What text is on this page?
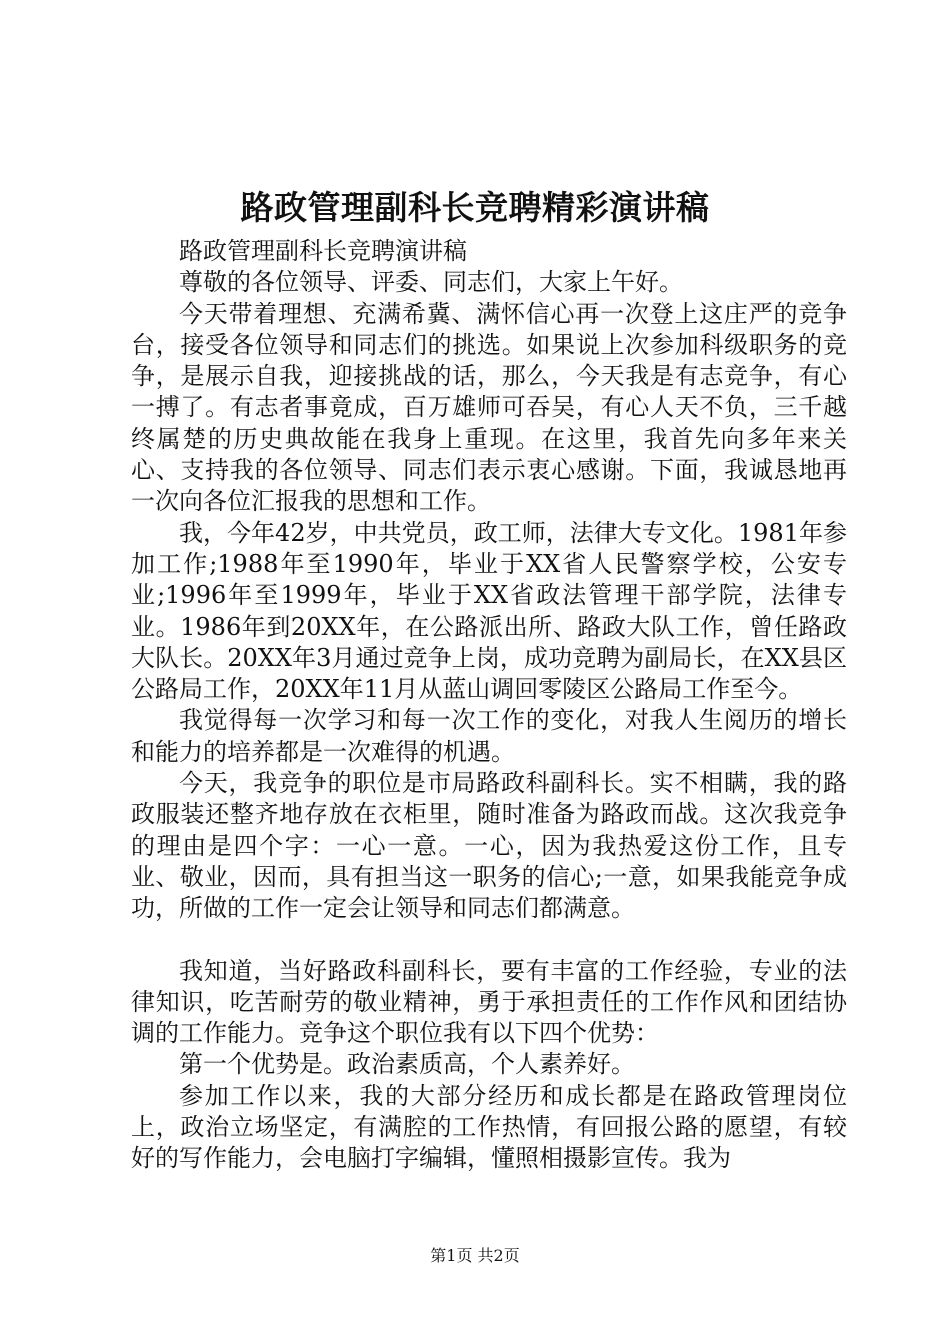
路政管理副科长竞聘精彩演讲稿

路政管理副科长竞聘演讲稿

尊敬的各位领导、评委、同志们，大家上午好。

今天带着理想、充满希冀、满怀信心再一次登上这庄严的竞争台，接受各位领导和同志们的挑选。如果说上次参加科级职务的竞争，是展示自我，迎接挑战的话，那么，今天我是有志竞争，有心一搏了。有志者事竟成，百万雄师可吞吴，有心人天不负，三千越终属楚的历史典故能在我身上重现。在这里，我首先向多年来关心、支持我的各位领导、同志们表示衷心感谢。下面，我诚恳地再一次向各位汇报我的思想和工作。

我，今年42岁，中共党员，政工师，法律大专文化。1981年参加工作;1988年至1990年，毕业于XX省人民警察学校，公安专业;1996年至1999年，毕业于XX省政法管理干部学院，法律专业。1986年到20XX年，在公路派出所、路政大队工作，曾任路政大队长。20XX年3月通过竞争上岗，成功竞聘为副局长，在XX县区公路局工作，20XX年11月从蓝山调回零陵区公路局工作至今。

我觉得每一次学习和每一次工作的变化，对我人生阅历的增长和能力的培养都是一次难得的机遇。

今天，我竞争的职位是市局路政科副科长。实不相瞒，我的路政服装还整齐地存放在衣柜里，随时准备为路政而战。这次我竞争的理由是四个字：一心一意。一心，因为我热爱这份工作，且专业、敬业，因而，具有担当这一职务的信心;一意，如果我能竞争成功，所做的工作一定会让领导和同志们都满意。

我知道，当好路政科副科长，要有丰富的工作经验，专业的法律知识，吃苦耐劳的敬业精神，勇于承担责任的工作作风和团结协调的工作能力。竞争这个职位我有以下四个优势：

第一个优势是。政治素质高，个人素养好。

参加工作以来，我的大部分经历和成长都是在路政管理岗位上，政治立场坚定，有满腔的工作热情，有回报公路的愿望，有较好的写作能力，会电脑打字编辑，懂照相摄影宣传。我为

第1页 共2页
